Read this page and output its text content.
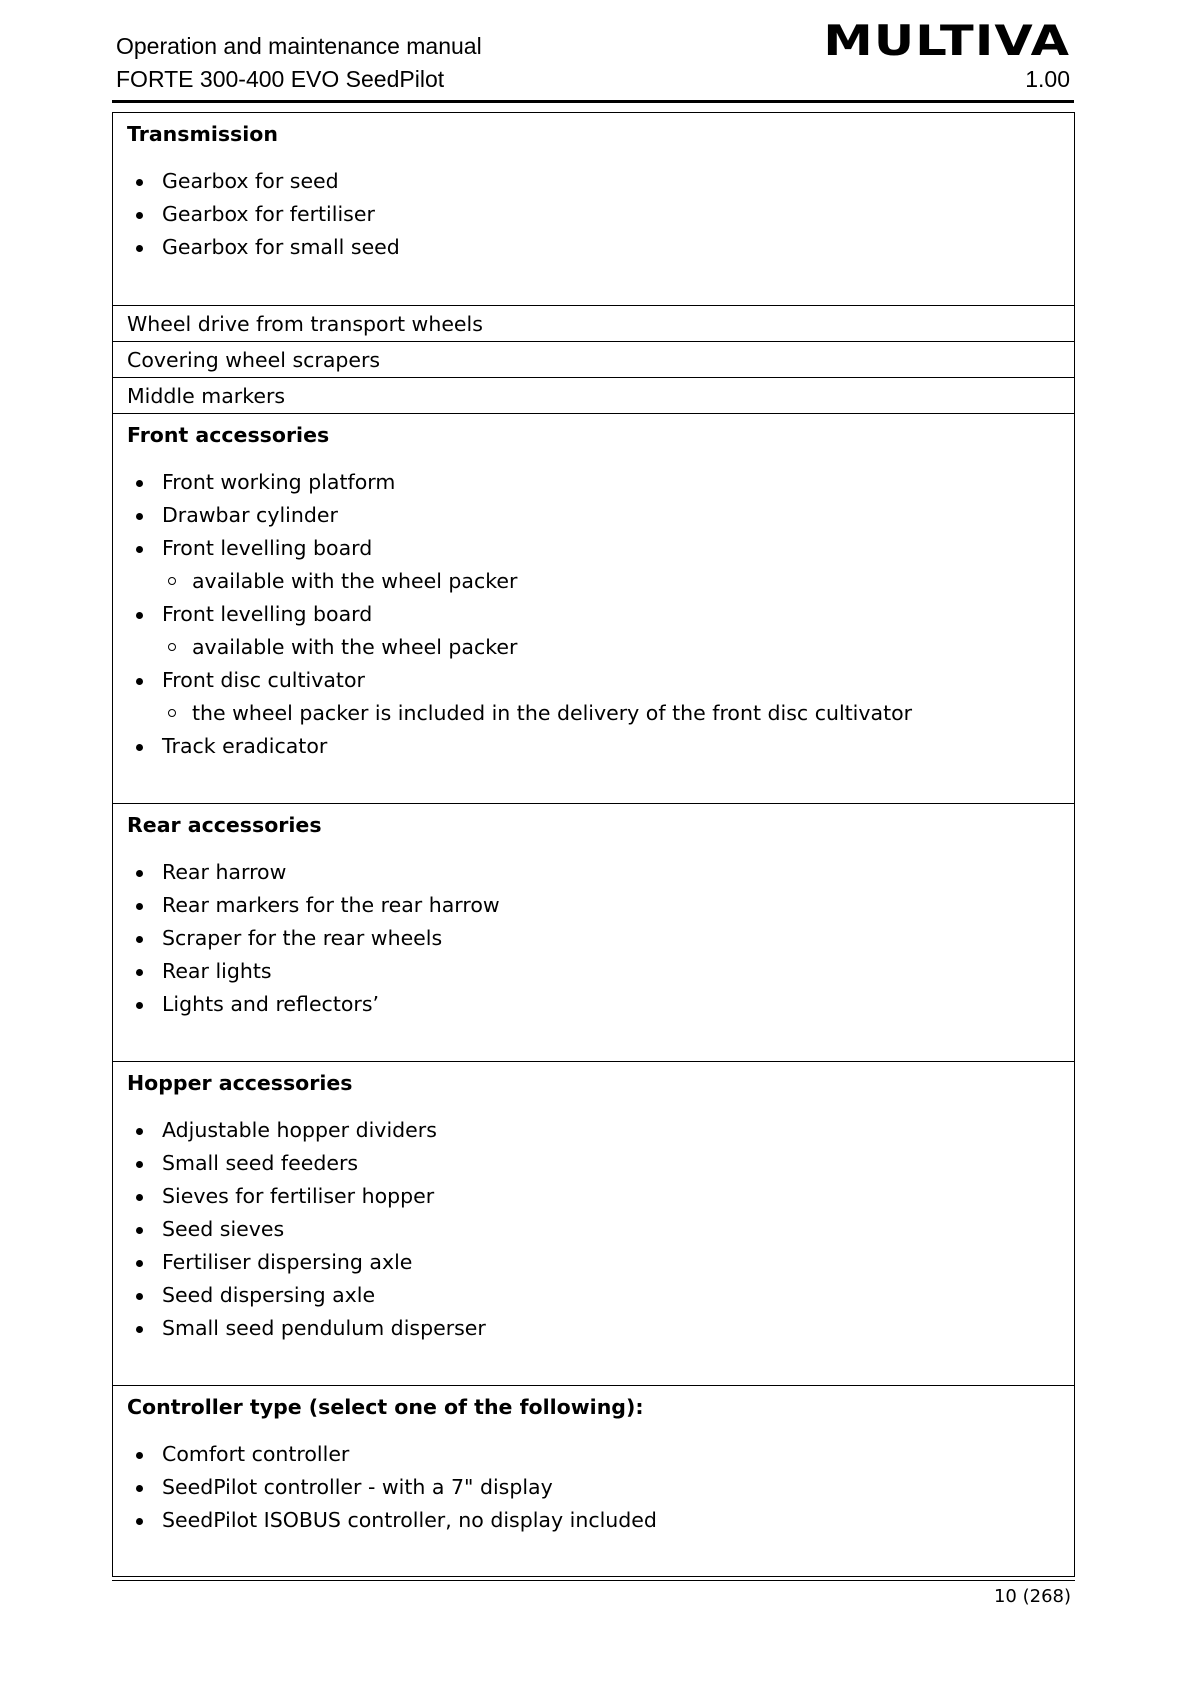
Operation and maintenance manual
FORTE 300-400 EVO SeedPilot	1.00
MULTIVA
Transmission
Gearbox for seed
Gearbox for fertiliser
Gearbox for small seed

Wheel drive from transport wheels
Covering wheel scrapers
Middle markers

Front accessories
Front working platform
Drawbar cylinder
Front levelling board
available with the wheel packer
Front levelling board
available with the wheel packer
Front disc cultivator
the wheel packer is included in the delivery of the front disc cultivator
Track eradicator

Rear accessories
Rear harrow
Rear markers for the rear harrow
Scraper for the rear wheels
Rear lights
Lights and reflectors’

Hopper accessories
Adjustable hopper dividers
Small seed feeders
Sieves for fertiliser hopper
Seed sieves
Fertiliser dispersing axle
Seed dispersing axle
Small seed pendulum disperser

Controller type (select one of the following):
Comfort controller
SeedPilot controller - with a 7" display
SeedPilot ISOBUS controller, no display included
10 (268)
